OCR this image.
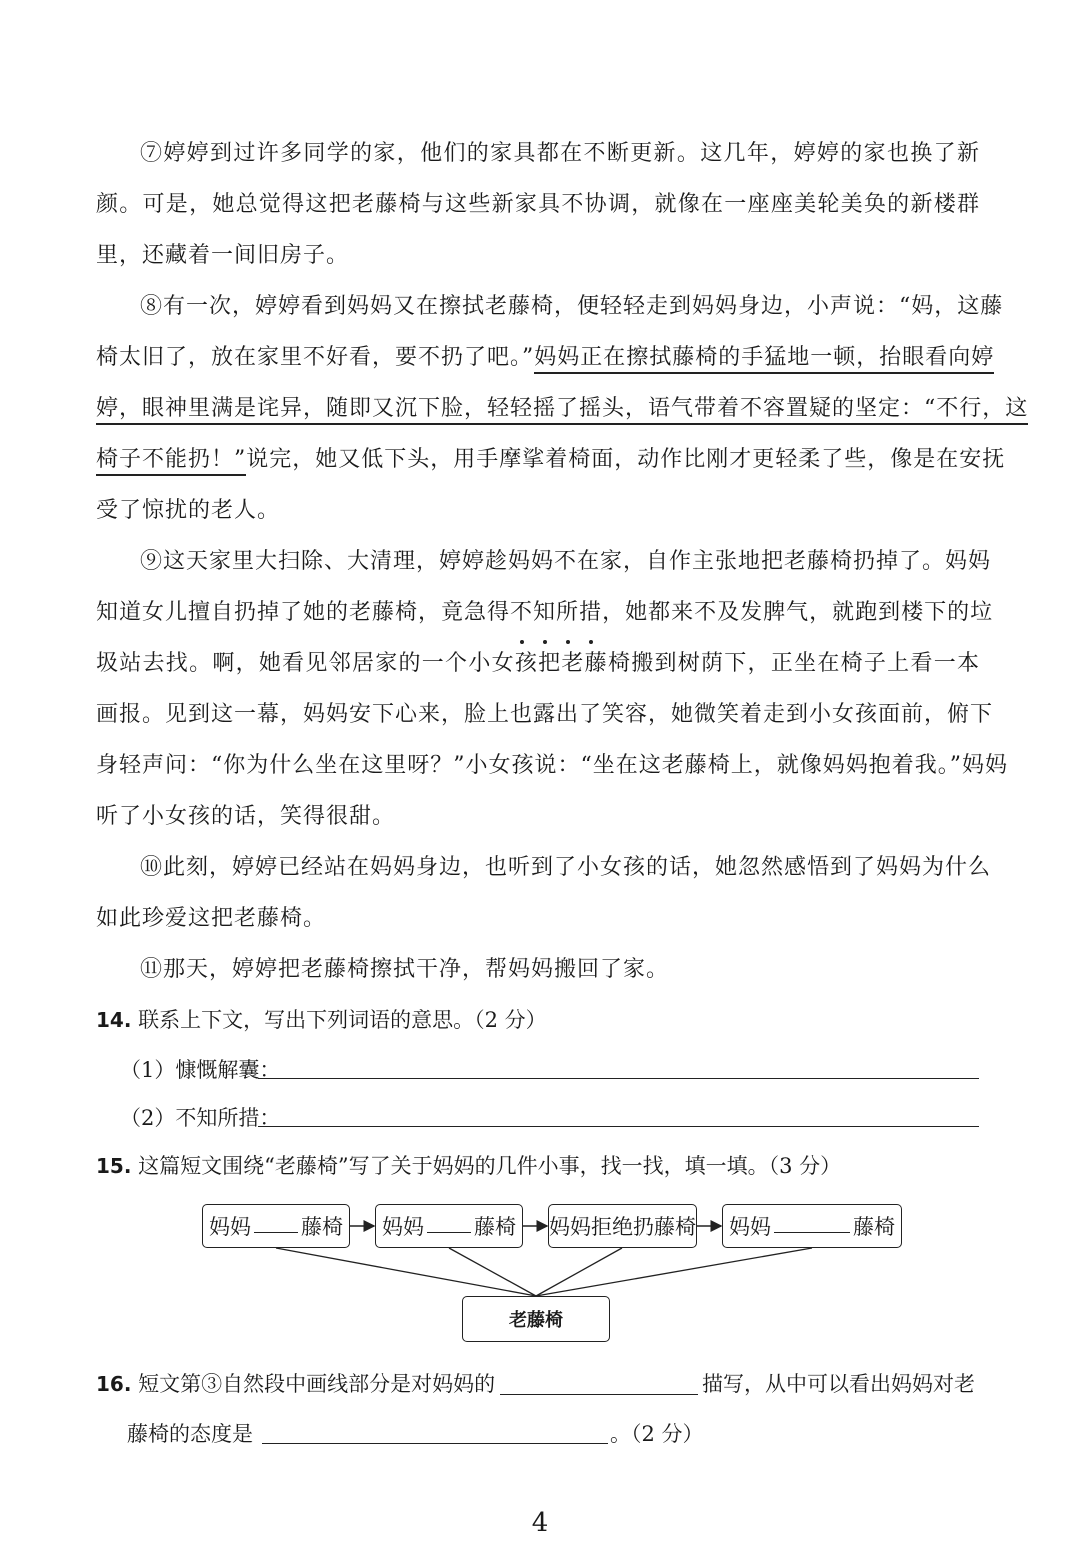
⑦婷婷到过许多同学的家，他们的家具都在不断更新。这几年，婷婷的家也换了新
颜。可是，她总觉得这把老藤椅与这些新家具不协调，就像在一座座美轮美奂的新楼群
里，还藏着一间旧房子。
⑧有一次，婷婷看到妈妈又在擦拭老藤椅，便轻轻走到妈妈身边，小声说：“妈，这藤
椅太旧了，放在家里不好看，要不扔了吧。”妈妈正在擦拭藤椅的手猛地一顿，抬眼看向婷
婷，眼神里满是诧异，随即又沉下脸，轻轻摇了摇头，语气带着不容置疑的坚定：“不行，这
椅子不能扔！”说完，她又低下头，用手摩挲着椅面，动作比刚才更轻柔了些，像是在安抚
受了惊扰的老人。
⑨这天家里大扫除、大清理，婷婷趁妈妈不在家，自作主张地把老藤椅扔掉了。妈妈
知道女儿擅自扔掉了她的老藤椅，竟急得不知所措，她都来不及发脾气，就跑到楼下的垃
圾站去找。啊，她看见邻居家的一个小女孩把老藤椅搬到树荫下，正坐在椅子上看一本
画报。见到这一幕，妈妈安下心来，脸上也露出了笑容，她微笑着走到小女孩面前，俯下
身轻声问：“你为什么坐在这里呀？”小女孩说：“坐在这老藤椅上，就像妈妈抱着我。”妈妈
听了小女孩的话，笑得很甜。
⑩此刻，婷婷已经站在妈妈身边，也听到了小女孩的话，她忽然感悟到了妈妈为什么
如此珍爱这把老藤椅。
⑪那天，婷婷把老藤椅擦拭干净，帮妈妈搬回了家。
14. 联系上下文，写出下列词语的意思。（2 分）
（1）慷慨解囊：
（2）不知所措：
15. 这篇短文围绕“老藤椅”写了关于妈妈的几件小事，找一找，填一填。（3 分）
妈妈 藤椅 妈妈 藤椅 妈妈拒绝扔藤椅 妈妈	藤椅
老藤椅
16. 短文第③自然段中画线部分是对妈妈的	描写，从中可以看出妈妈对老
藤椅的态度是	。（2 分）
4
